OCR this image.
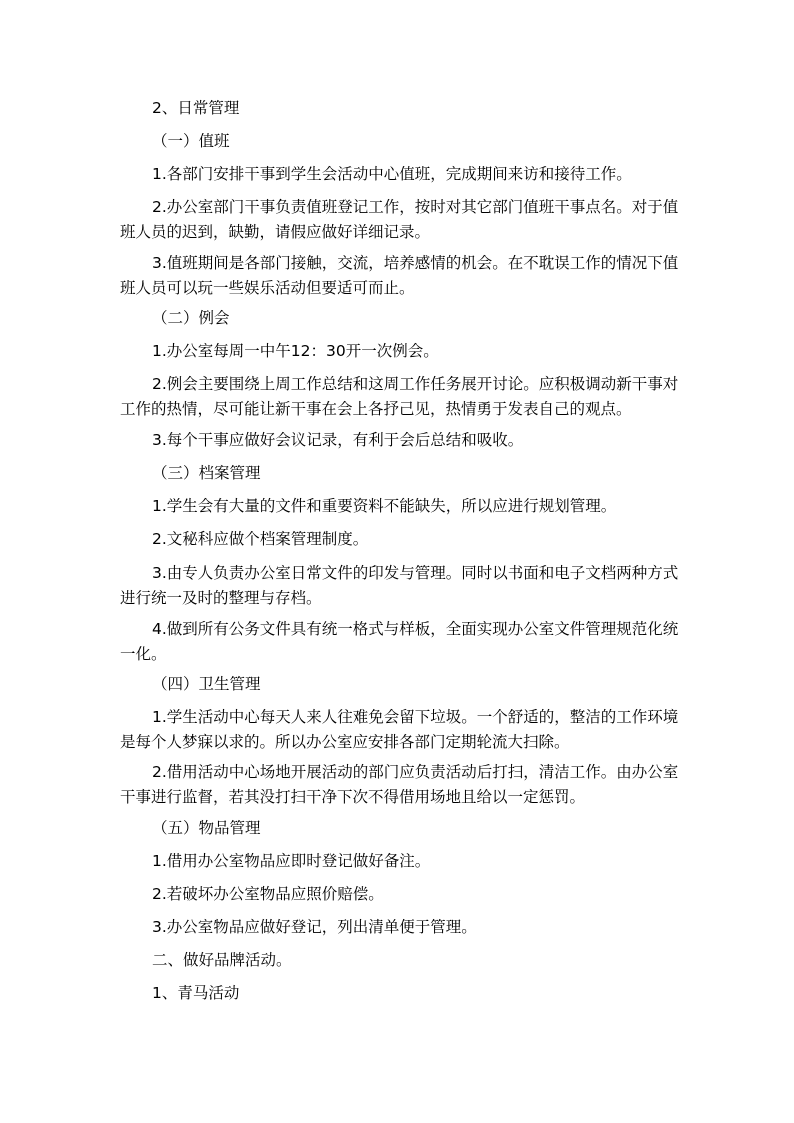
2、日常管理

（一）值班

1.各部门安排干事到学生会活动中心值班，完成期间来访和接待工作。

2.办公室部门干事负责值班登记工作，按时对其它部门值班干事点名。对于值班人员的迟到，缺勤，请假应做好详细记录。

3.值班期间是各部门接触，交流，培养感情的机会。在不耽误工作的情况下值班人员可以玩一些娱乐活动但要适可而止。

（二）例会

1.办公室每周一中午12：30开一次例会。

2.例会主要围绕上周工作总结和这周工作任务展开讨论。应积极调动新干事对工作的热情，尽可能让新干事在会上各抒己见，热情勇于发表自己的观点。

3.每个干事应做好会议记录，有利于会后总结和吸收。

（三）档案管理

1.学生会有大量的文件和重要资料不能缺失，所以应进行规划管理。

2.文秘科应做个档案管理制度。

3.由专人负责办公室日常文件的印发与管理。同时以书面和电子文档两种方式进行统一及时的整理与存档。

4.做到所有公务文件具有统一格式与样板，全面实现办公室文件管理规范化统一化。

（四）卫生管理

1.学生活动中心每天人来人往难免会留下垃圾。一个舒适的，整洁的工作环境是每个人梦寐以求的。所以办公室应安排各部门定期轮流大扫除。

2.借用活动中心场地开展活动的部门应负责活动后打扫，清洁工作。由办公室干事进行监督，若其没打扫干净下次不得借用场地且给以一定惩罚。

（五）物品管理

1.借用办公室物品应即时登记做好备注。

2.若破坏办公室物品应照价赔偿。

3.办公室物品应做好登记，列出清单便于管理。

二、做好品牌活动。

1、青马活动
